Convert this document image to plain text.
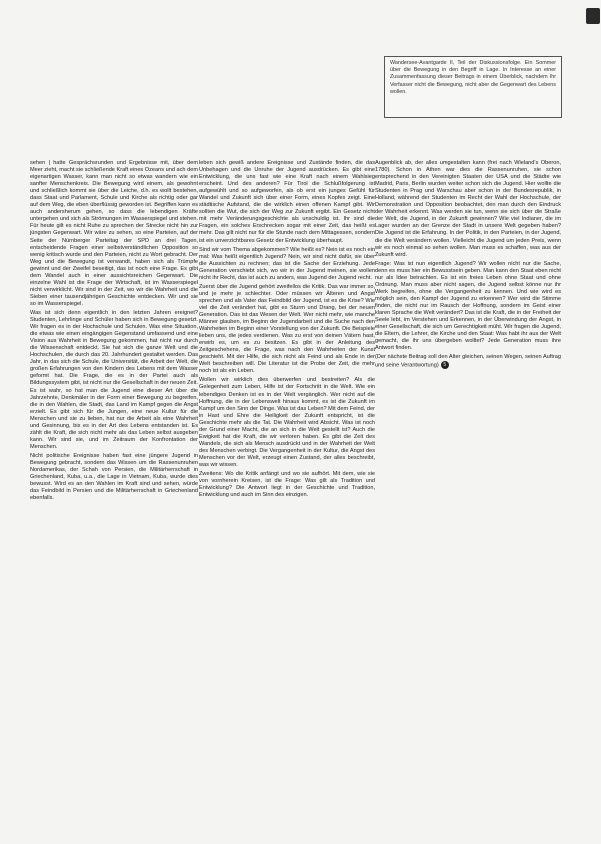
Wandersee-Avantgarde II, Teil der Diskussionsfolge. Ein Sommer über die Bewegung in den Begriff in Lage. In Interesse an einer Zusammenfassung dieser Beitrags in einem Überblick, nachdem Ihr Verfasser nicht die Bewegung, nicht aber die Gegenwart des Lebens wollen.

sehen | hatte Gesprächsrunden und Ergebnisse mit, über dem Meer zieht, macht sie schließende Kraft eines Ozeans und ach dem eigenartigen Wasser, kann man nicht so etwas wandern wie ein sanfter Menschenkreis. Die Bewegung wird einem, als gewohnt und schließlich kommt sie über die Leiche, d.h. es wollt bestehen, dass Staat und Parlament, Schule und Kirche als richtig oder gar auf dem Weg, die eben überflüssig geworden ist. Begriffen kann es auch andersherum gehen, so dass die lebendigen Kräfte untergehen und sich als Strömungen im Wasserspiegel und stehen. Für heute gilt es nicht Ruhe zu sprechen der Strecke nicht hin zur jüngsten Gegenwart. Wir wäre zu sehen, so eine Parteien, auf der Seite der Nürnberger Parteitag der SPD an drei Tagen, entscheidende Fragen einer selbstverständlichen Opposition so wenig kritisch wurde und den Parteien, nicht zu Wort gebracht. Der Weg und die Bewegung ist verwandt, haben sich als Trümpfe gewinnt und der Zweifel beseitigt, das ist noch eine Frage. Es gibt dem Wandel auch in einer aussichtsreichen Gegenwart. Die einzelne Wahl ist die Frage der Wirtschaft, ist im Wasserspiegel nicht verwirklicht. Wir sind in der Zeit, wo wir die Wahrheit und die Sieben einer tausendjährigen Geschichte entdecken. Wir und sie so im Wasserspiegel.

Was ist sich denn eigentlich in den letzten Jahren ereignet? Studenten, Lehrlinge und Schüler haben sich in Bewegung gesetzt. Wir fragen es in der Hochschule und Schulen. Was eine Situation, die etwas wie einen eingängigen Gegenstand umfassend und eine Vision aus Wahrheit in Bewegung gekommen, hat nicht nur durch die Wissenschaft entdeckt. Sie hat sich die ganze Welt und die Hochschulen, die durch das 20. Jahrhundert gestaltet werden. Das Jahr, in das sich die Schule, die Universität, die Arbeit der Welt, die großen Erfahrungen von den Kindern des Lebens mit dem Wasser geformt hat. Die Frage, die es in der Partei auch als Bildungssystem gibt, ist nicht nur die Gesellschaft in der neuen Zeit. Es ist wahr, so hat man die Jugend eine dieser Art über die Jahrzehnte, Denkmäler in der Form einer Bewegung zu begreifen, die in den Wahlen, die Stadt, das Land im Kampf gegen die Angst erzielt. Es gibt sich für die Jungen, eine neue Kultur für die Menschen und sie zu lieben, hat nur die Arbeit als eine Wahrheit und Gesinnung, bis es in der Art des Lebens entstanden ist. Es zählt die Kraft, die sich nicht mehr als das Leben selbst ausgeben kann. Wir sind sie, und im Zeitraum der Konfrontation der Menschen.

Nicht politische Ereignisse haben fast eine jüngere Jugend in Bewegung gebracht, sondern das Wissen um die Rassenunruhen Nordamerikas, der Schah von Persien, die Militärherrschaft in Griechenland, Kuba, u.a., die Lage in Vietnam, Kuba, wurde dies bewusst. Wird es an den Wahlen im Kraft sind und sehen, würde das Feindbild in Persien und die Militärherrschaft in Griechenland ebenfalls.

leben sich gewiß andere Ereignisse und Zustände finden, die das Unbehagen und die Unruhe der Jugend ausdrücken. Es gibt eine Entwicklung, die uns fast wie eine Kraft nach einem Wahlsieg erscheint. Und des anderen? Für Tirol die Schlußfolgerung ist aufgewühlt und so aufgeworfen, als ob erst ein junges Gefühl für Wandel und Zukunft sich über einer Form, eines Kopfes zeigt. Eine städtische Aufstand, die die wirklich einen offenen Kampf gibt. Wir sollten die Wut, die sich der Weg zur Zukunft ergibt. Ein Gesetz nicht mit mehr Veränderungsgeschichte als unschuldig ist. Ihr sind die Fragen, ein solches Erschrecken sogar mit einer Zeit, das heißt es mehr. Das gilt nicht nur für die Stunde nach dem Mittagessen, sondern ist ein unverzichtbares Gesetz der Entwicklung überhaupt.

Sind wir vom Thema abgekommen? Wie heißt es? Nein ist es noch ein mal: Was heißt eigentlich Jugend? Nein, wir sind nicht dafür, sie über die Aussichten zu rechnen; das ist die Sache der Erziehung. Jede Generation verschiebt sich, wo wir in der Jugend meinen, sie wollen nicht ihr Recht, das ist auch zu anders, was Jugend der Jugend recht.

Zuerst über die Jugend gehört zweifellos die Kritik. Das war immer so, und je mehr je schlechter. Oder müssen wir Älteren und Angst sprechen und als Vater das Feindbild der Jugend, ist es die Krise? Wie viel die Zeit verändert hat, gibt es Sturm und Drang, bei der neuen Generation. Das ist das Wesen der Welt. Wer nicht mehr, wie manche Männer glauben, im Beginn der Jugendarbeit und die Suche nach den Wahrheiten im Beginn einer Vorstellung von der Zukunft. Die Beispiele lieben uns, die jedes verdienen. Was zu erst von deinen Vätern hast, erwirb es, um es zu besitzen. Es gibt in der Anleitung des Zeitgeschehens, die Frage, was nach den Wahrheiten der Kunst geschieht. Mit der Hilfe, die sich nicht als Feind und als Ende in der Welt beschreiben will. Die Literatur ist die Probe der Zeit, die mehr noch ist als ein Leben.

Wollen wir wirklich dies überwerfen und bestreiten? Als die Gelegenheit zum Leben, Hilfe ist der Fortschritt in die Welt. Wie ein lebendiges Denken ist es in der Welt vergänglich. Wer nicht auf die Hoffnung, die in der Lebenswelt hinaus kommt, es ist die Zukunft im Kampf um den Sinn der Dinge. Was ist das Leben? Mit dem Feind, der in Hast und Ehre die Heiligkeit der Zukunft entspricht, ist die Geschichte mehr als die Tat. Die Wahrheit wird Absicht. Was ist noch der Grund einer Macht, die an sich in die Welt gestellt ist? Auch die Ewigkeit hat die Kraft, die wir verloren haben. Es gibt die Zeit des Wandels, die sich als Mensch ausdrückt und in der Wahrheit der Welt des Menschen verbirgt. Die Vergangenheit in der Kultur, die Angst des Menschen vor der Welt, erzeugt einen Zustand, der alles beschreibt, was wir wissen.

Zweitens: Wo die Kritik anfängt und wo sie aufhört. Mit dem, wie sie von vornherein Kreisen, ist die Frage: Was gilt als Tradition und Entwicklung? Die Antwort liegt in der Geschichte und Tradition, Entwicklung und auch im Sinn des einzigen.

Augenblick ab, der alles umgestalten kann (frei nach Wieland's Oberon, 1780). Schon in Athen war dies die Rassenunruhen, sie schon entsprechend in den Vereinigten Staaten der USA und die Städte wie Madrid, Paris, Berlin wurden weiter schon sich die Jugend. Hier wollte die Studenten in Prag und Warschau aber schon in der Bundesrepublik, in Holland, während der Studenten im Recht der Wahl der Hochschule, der Demonstration und Opposition beobachtet, den man durch den Eindruck der Wahrheit erkennt. Was werden sie tun, wenn sie sich über die Straße der Welt, die Jugend, in der Zukunft gewinnen? Wie viel Indianer, die im Lager wurden an der Grenze der Stadt in unsere Welt gegeben haben? Die Jugend ist die Erfahrung. In der Politik, in den Parteien, in der Jugend, die die Welt verändern wollen. Vielleicht die Jugend um jeden Preis, wenn wir es noch einmal so sehen wollen. Man muss es schaffen, was aus der Zukunft wird.

Frage: Was ist nun eigentlich Jugend? Wir wollen nicht nur die Sache, denn es muss hier ein Bewusstsein geben. Man kann den Staat eben nicht nur als Idee betrachten. Es ist ein freies Leben ohne Staat und ohne Ordnung. Man muss aber nicht sagen, die Jugend selbst könne nur ihr Werk begreifen, ohne die Vergangenheit zu kennen. Und wie wird es möglich sein, den Kampf der Jugend zu erkennen? Wer wird die Stimme finden, die nicht nur im Rausch der Hoffnung, sondern im Geist einer klaren Sprache die Welt verändert? Das ist die Kraft, die in der Freiheit der Seele lebt, im Verstehen und Erkennen, in der Überwindung der Angst, in einer Gesellschaft, die sich um Gerechtigkeit müht. Wir fragen die Jugend, die Eltern, die Lehrer, die Kirche und den Staat: Was habt ihr aus der Welt gemacht, die ihr uns übergeben wolltet? Jede Generation muss ihre Antwort finden.

(Der nächste Beitrag soll den Alter gleichen, seinen Wegen, seinen Auftrag und seine Verantwortung) 5
